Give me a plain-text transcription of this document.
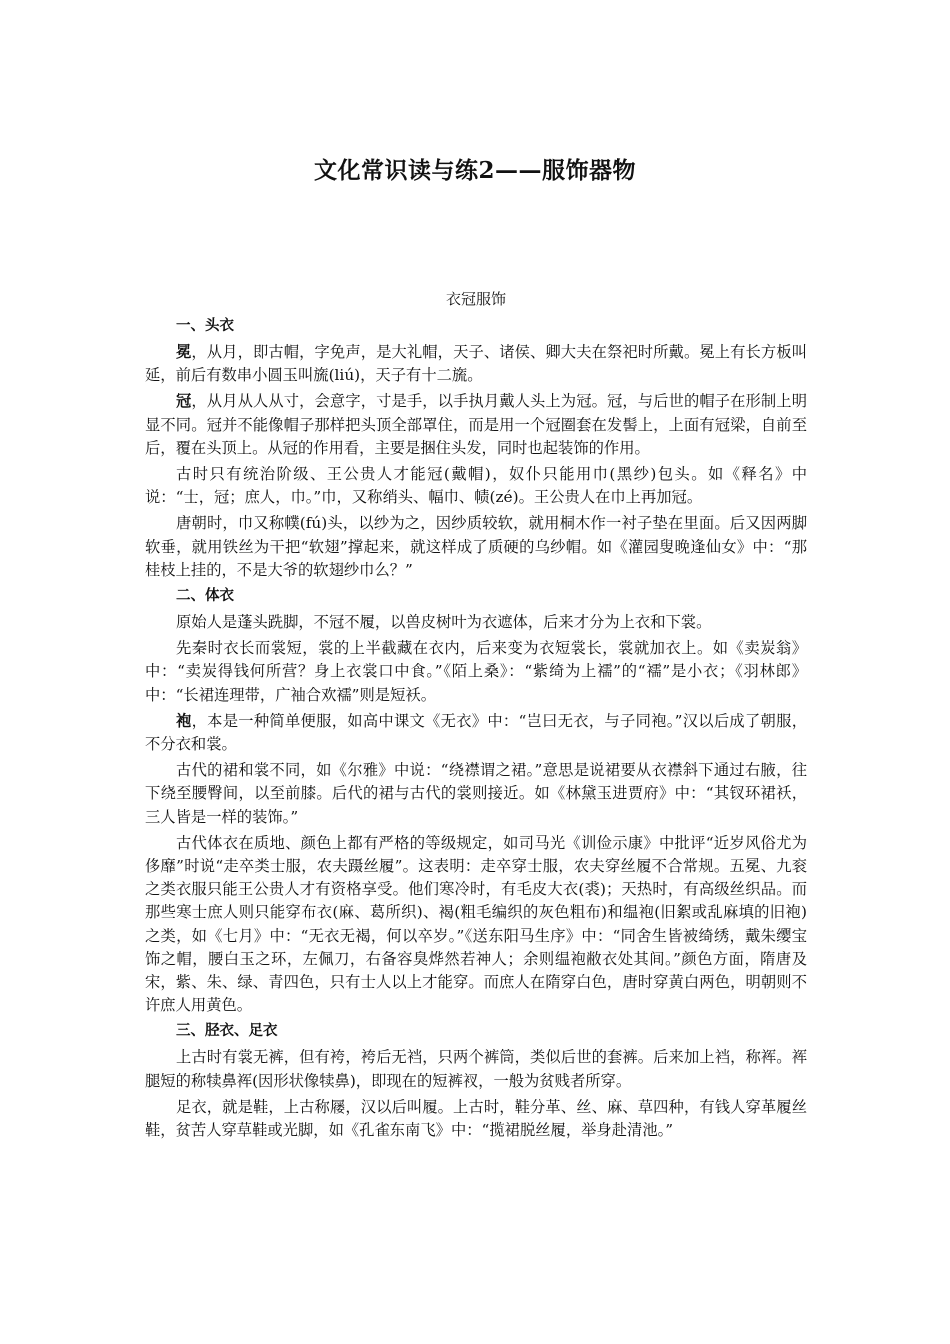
文化常识读与练2——服饰器物
衣冠服饰
一、头衣

冕，从月，即古帽，字免声，是大礼帽，天子、诸侯、卿大夫在祭祀时所戴。冕上有长方板叫延，前后有数串小圆玉叫旒(liú)，天子有十二旒。

冠，从月从人从寸，会意字，寸是手，以手执月戴人头上为冠。冠，与后世的帽子在形制上明显不同。冠并不能像帽子那样把头顶全部罩住，而是用一个冠圈套在发髻上，上面有冠梁，自前至后，覆在头顶上。从冠的作用看，主要是捆住头发，同时也起装饰的作用。

古时只有统治阶级、王公贵人才能冠(戴帽)，奴仆只能用巾(黑纱)包头。如《释名》中说：“士，冠；庶人，巾。”巾，又称绡头、幅巾、帻(zé)。王公贵人在巾上再加冠。

唐朝时，巾又称幞(fú)头，以纱为之，因纱质较软，就用桐木作一衬子垫在里面。后又因两脚软垂，就用铁丝为干把“软翅”撑起来，就这样成了质硬的乌纱帽。如《灌园叟晚逢仙女》中：“那桂枝上挂的，不是大爷的软翅纱巾么？”

二、体衣

原始人是蓬头跣脚，不冠不履，以兽皮树叶为衣遮体，后来才分为上衣和下裳。

先秦时衣长而裳短，裳的上半截藏在衣内，后来变为衣短裳长，裳就加衣上。如《卖炭翁》中：“卖炭得钱何所营？身上衣裳口中食。”《陌上桑》：“紫绮为上襦”的“襦”是小衣；《羽林郎》中：“长裙连理带，广袖合欢襦”则是短袄。

袍，本是一种简单便服，如高中课文《无衣》中：“岂曰无衣，与子同袍。”汉以后成了朝服，不分衣和裳。

古代的裙和裳不同，如《尔雅》中说：“绕襟谓之裙。”意思是说裙要从衣襟斜下通过右腋，往下绕至腰臀间，以至前膝。后代的裙与古代的裳则接近。如《林黛玉进贾府》中：“其钗环裙袄，三人皆是一样的装饰。”

古代体衣在质地、颜色上都有严格的等级规定，如司马光《训俭示康》中批评“近岁风俗尤为侈靡”时说“走卒类士服，农夫蹑丝履”。这表明：走卒穿士服，农夫穿丝履不合常规。五冕、九衮之类衣服只能王公贵人才有资格享受。他们寒冷时，有毛皮大衣(裘)；天热时，有高级丝织品。而那些寒士庶人则只能穿布衣(麻、葛所织)、褐(粗毛编织的灰色粗布)和缊袍(旧絮或乱麻填的旧袍)之类，如《七月》中：“无衣无褐，何以卒岁。”《送东阳马生序》中：“同舍生皆被绮绣，戴朱缨宝饰之帽，腰白玉之环，左佩刀，右备容臭烨然若神人；余则缊袍敝衣处其间。”颜色方面，隋唐及宋，紫、朱、绿、青四色，只有士人以上才能穿。而庶人在隋穿白色，唐时穿黄白两色，明朝则不许庶人用黄色。

三、胫衣、足衣

上古时有裳无裤，但有袴，袴后无裆，只两个裤筒，类似后世的套裤。后来加上裆，称裈。裈腿短的称犊鼻裈(因形状像犊鼻)，即现在的短裤衩，一般为贫贱者所穿。

足衣，就是鞋，上古称屦，汉以后叫履。上古时，鞋分革、丝、麻、草四种，有钱人穿革履丝鞋，贫苦人穿草鞋或光脚，如《孔雀东南飞》中：“揽裙脱丝履，举身赴清池。”
